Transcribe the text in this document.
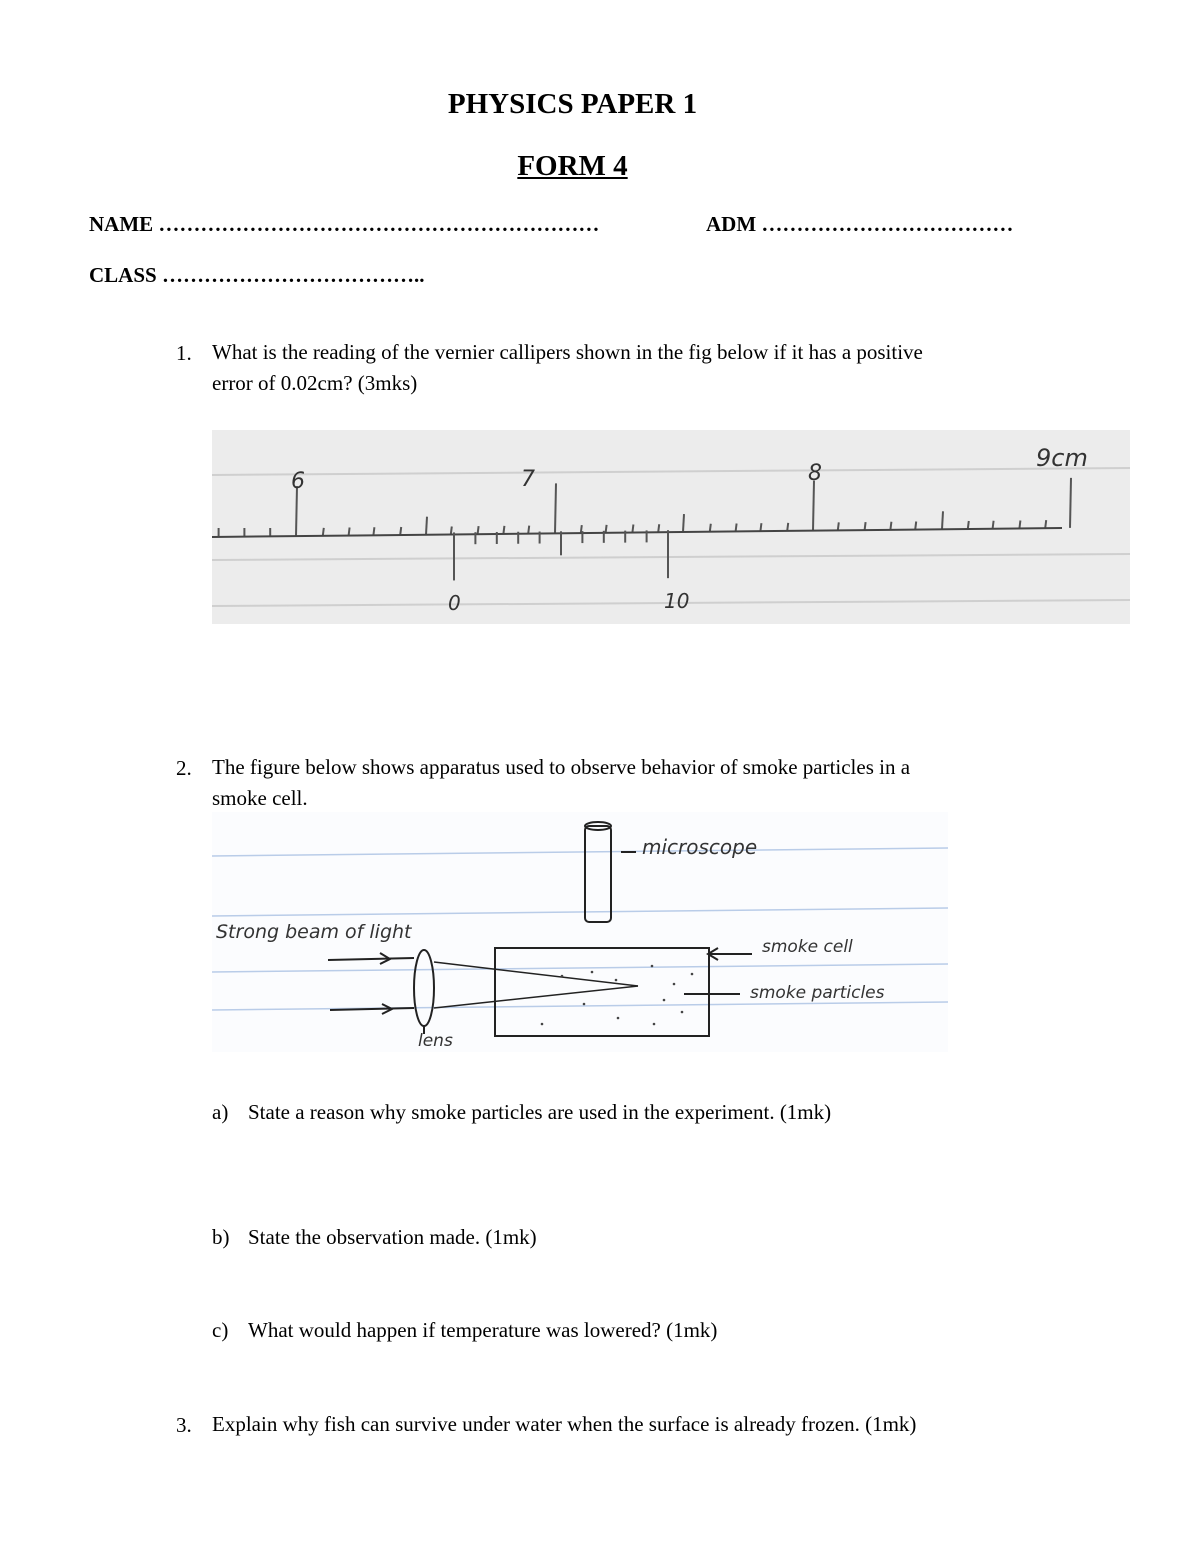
PHYSICS PAPER 1
FORM 4
NAME ………………………………………………………	ADM ………………………………
CLASS ………………………………..
1. What is the reading of the vernier callipers shown in the fig below if it has a positive
error of 0.02cm? (3mks)
6	7	8
9cm
0	10
2. The figure below shows apparatus used to observe behavior of smoke particles in a
smoke cell.
microscope
Strong beam of light
lens
smoke cell
smoke particles
a) State a reason why smoke particles are used in the experiment. (1mk)
b) State the observation made. (1mk)
c) What would happen if temperature was lowered? (1mk)
3. Explain why fish can survive under water when the surface is already frozen. (1mk)
